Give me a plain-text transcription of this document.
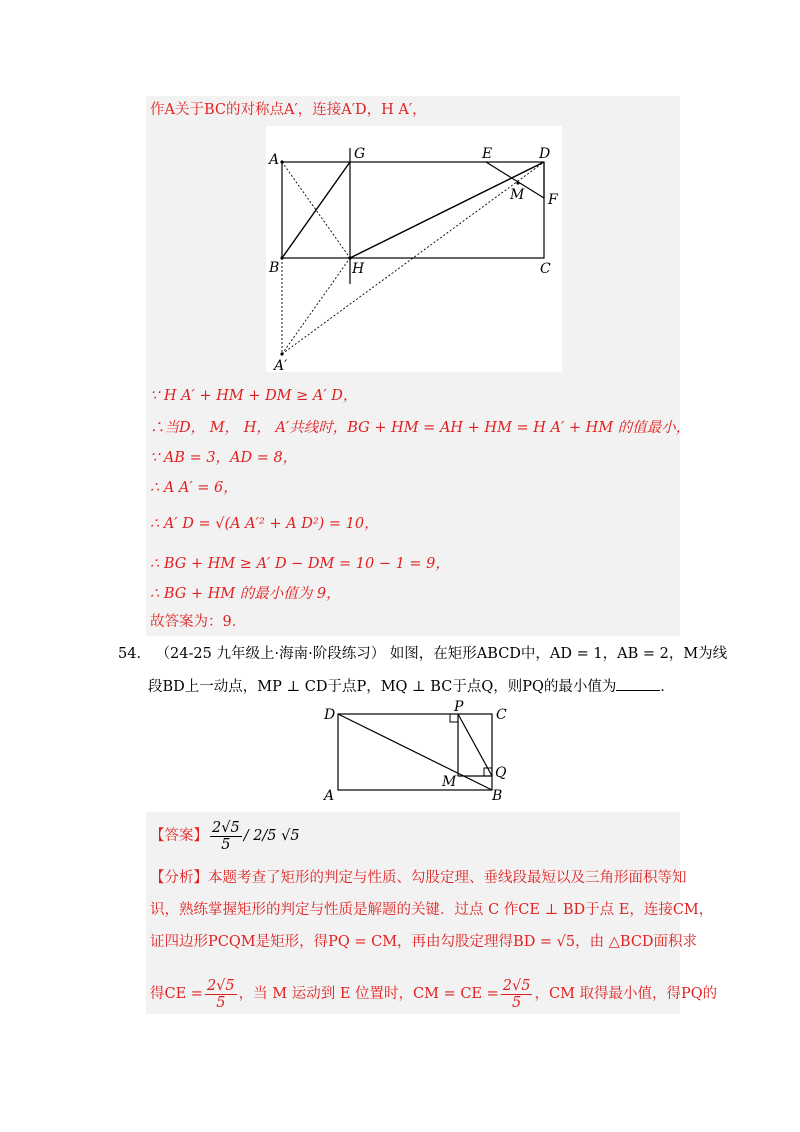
作A关于BC的对称点A′，连接A′D，H A′，
A	G	E	D
M F
B	H	C
A′
∵ H A′ + HM + DM ≥ A′ D，
∴当D， M， H， A′共线时，BG + HM = AH + HM = H A′ + HM 的值最小，
∵ AB = 3，AD = 8，
∴ A A′ = 6，
∴ A′ D = √(A A′² + A D²) = 10，
∴ BG + HM ≥ A′ D − DM = 10 − 1 = 9，
∴ BG + HM 的最小值为 9，
故答案为：9．
54． （24-25 九年级上·海南·阶段练习） 如图，在矩形ABCD中，AD = 1，AB = 2，M为线
段BD上一动点，MP ⊥ CD于点P，MQ ⊥ BC于点Q，则PQ的最小值为	．
D	P C
M
Q
A	B
【答案】 $\frac{2√5}{5} / 2/5$ √5
【分析】本题考查了矩形的判定与性质、勾股定理、垂线段最短以及三角形面积等知
识，熟练掌握矩形的判定与性质是解题的关键．过点 C 作CE ⊥ BD于点 E，连接CM，
证四边形PCQM是矩形，得PQ = CM，再由勾股定理得BD = √5，由 △BCD面积求
得CE = $\frac{2√5}{5}$ ，当 M 运动到 E 位置时，CM = CE = $\frac{2√5}{5}$ ，CM 取得最小值，得PQ的
